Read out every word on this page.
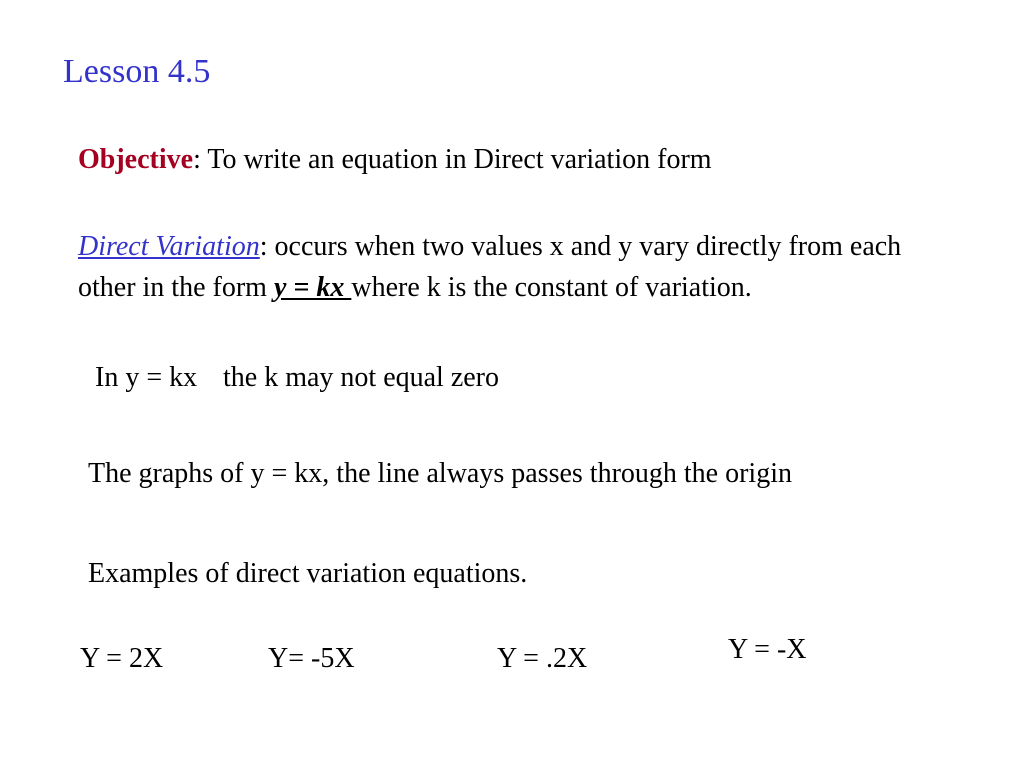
Lesson 4.5
Objective: To write an equation in Direct variation form
Direct Variation: occurs when two values x and y vary directly from each other in the form y = kx where k is the constant of variation.
In y = kx the k may not equal zero
The graphs of y = kx, the line always passes through the origin
Examples of direct variation equations.
Y = 2X	Y= -5X	Y = .2X	Y = -X
